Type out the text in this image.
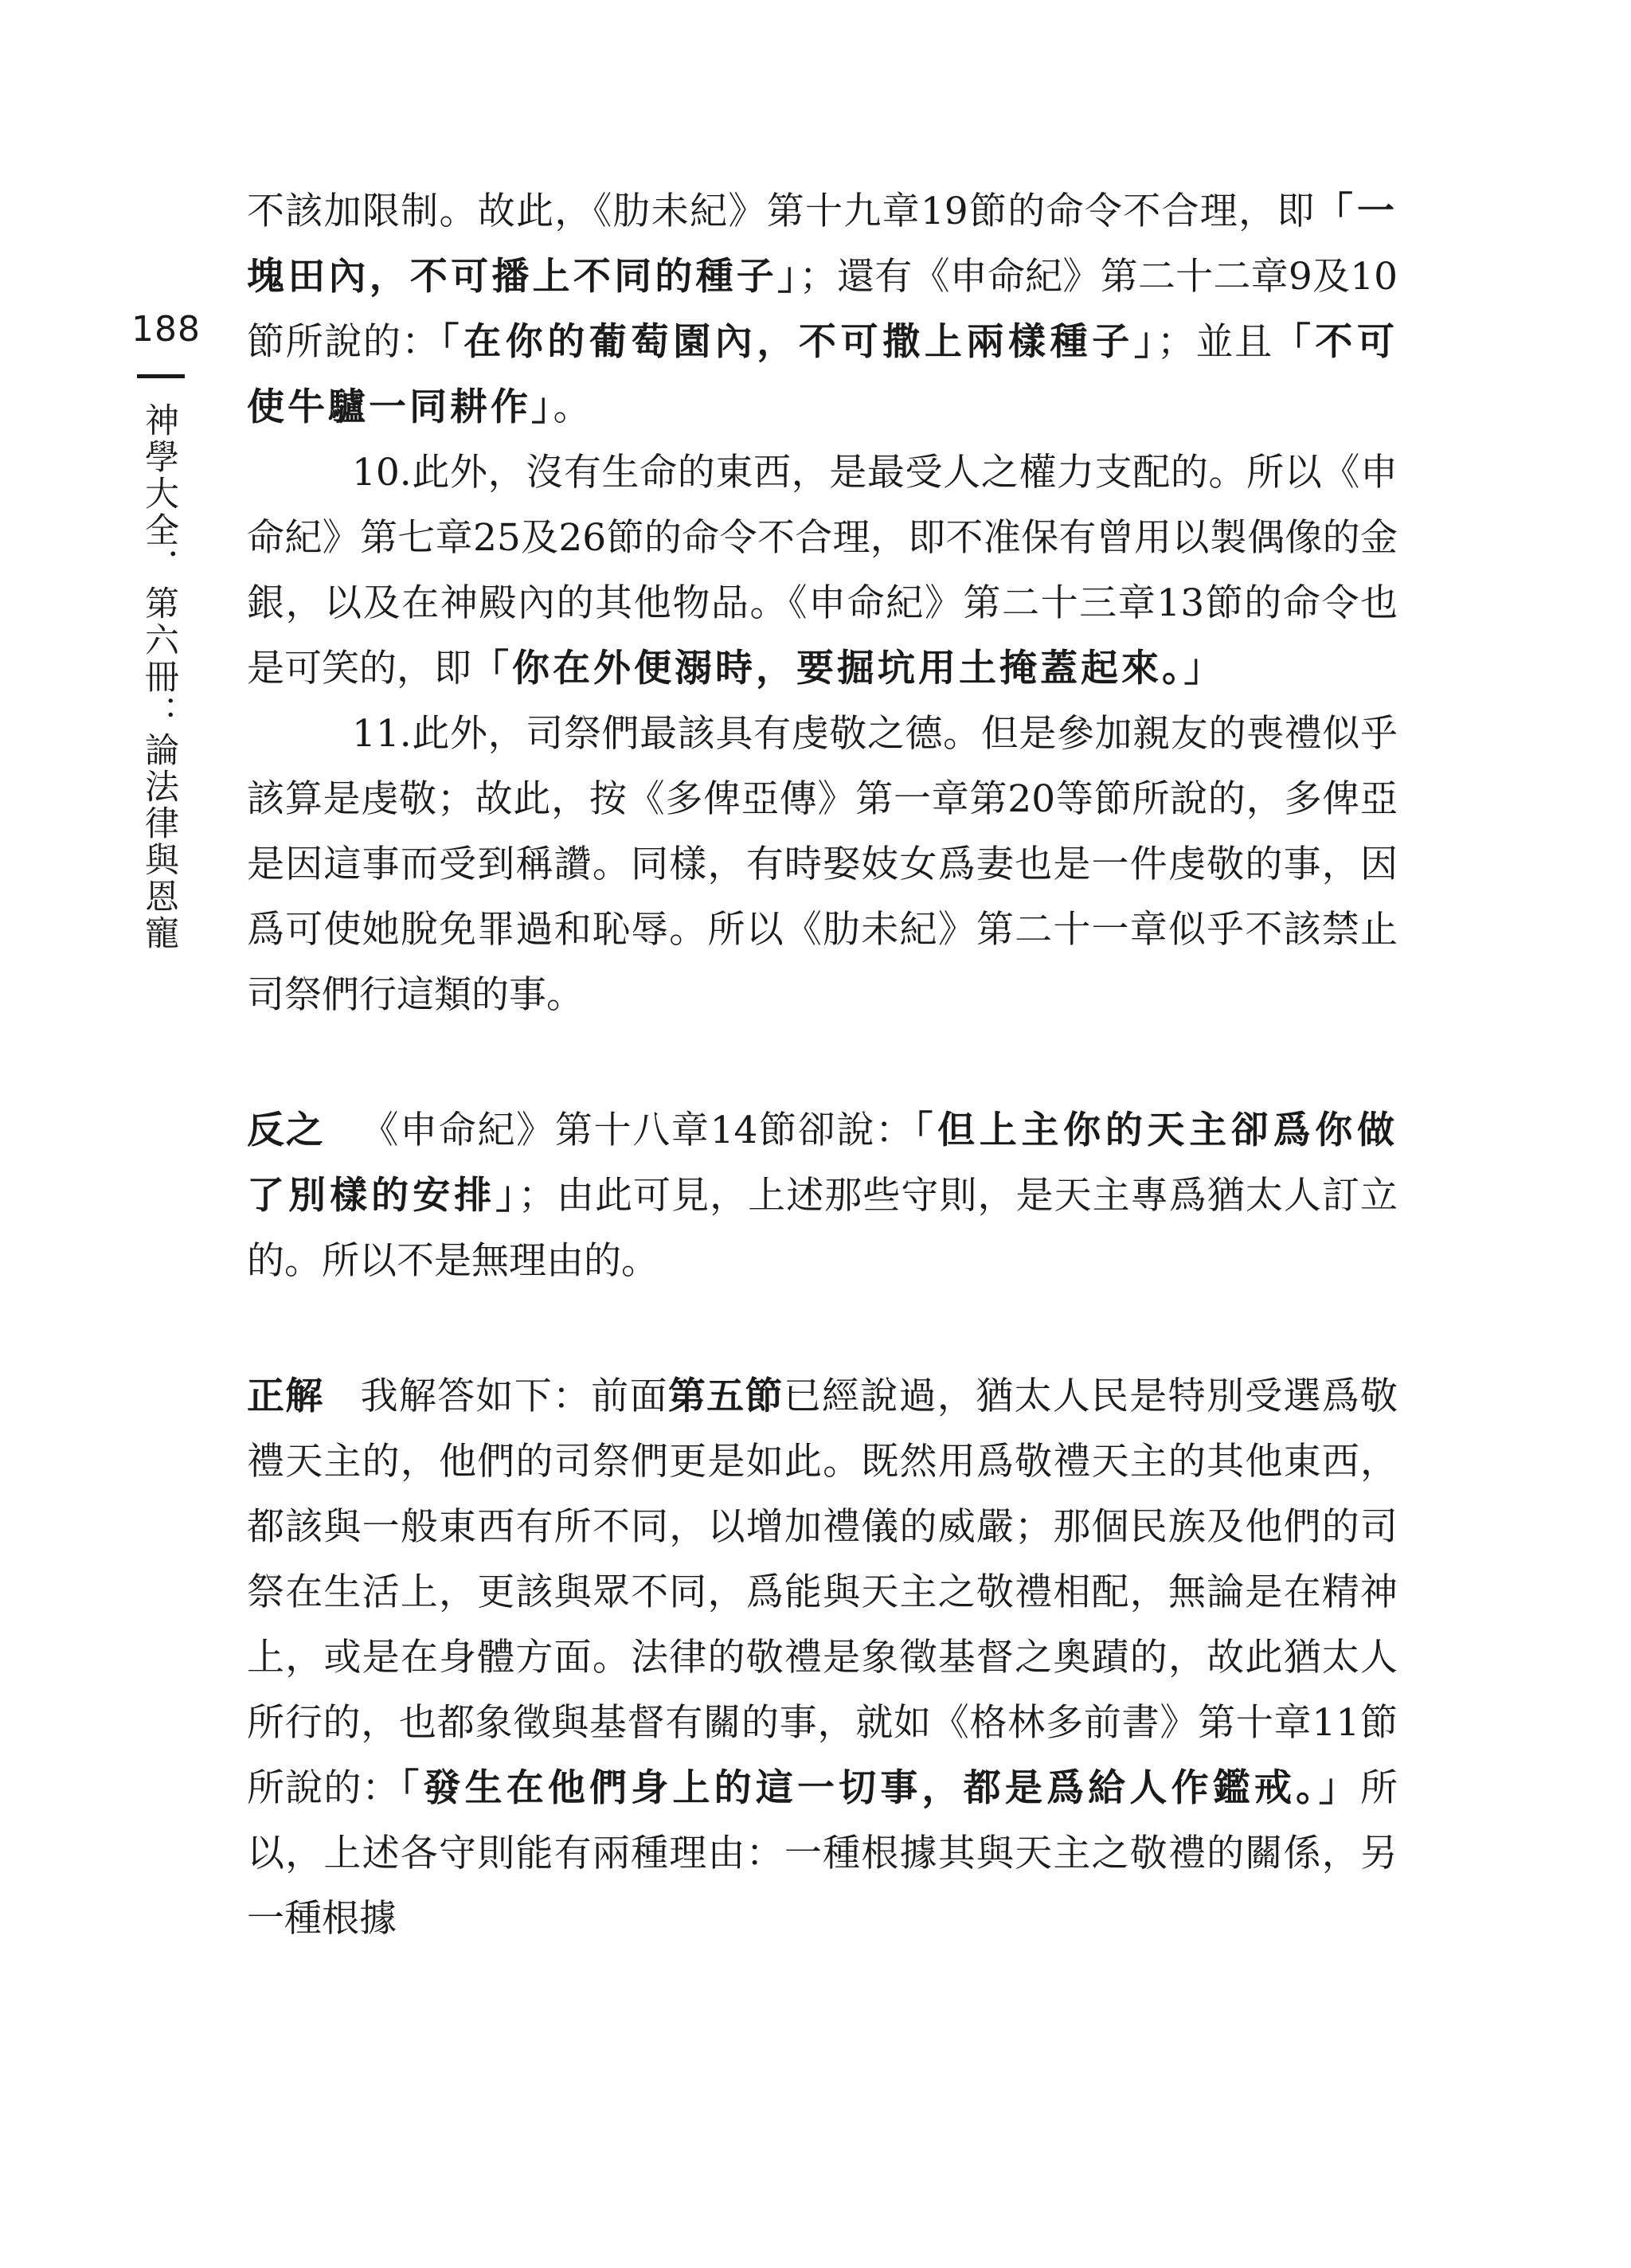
188
神學大全．第六冊：論法律與恩寵

不該加限制。故此，《肋未紀》第十九章19節的命令不合理，即「一塊田內，不可播上不同的種子」；還有《申命紀》第二十二章9及10節所說的：「在你的葡萄園內，不可撒上兩樣種子」；並且「不可使牛驢一同耕作」。

10.此外，沒有生命的東西，是最受人之權力支配的。所以《申命紀》第七章25及26節的命令不合理，即不准保有曾用以製偶像的金銀，以及在神殿內的其他物品。《申命紀》第二十三章13節的命令也是可笑的，即「你在外便溺時，要掘坑用土掩蓋起來。」

11.此外，司祭們最該具有虔敬之德。但是參加親友的喪禮似乎該算是虔敬；故此，按《多俾亞傳》第一章第20等節所說的，多俾亞是因這事而受到稱讚。同樣，有時娶妓女爲妻也是一件虔敬的事，因爲可使她脫免罪過和恥辱。所以《肋未紀》第二十一章似乎不該禁止司祭們行這類的事。

反之 《申命紀》第十八章14節卻說：「但上主你的天主卻爲你做了別樣的安排」；由此可見，上述那些守則，是天主專爲猶太人訂立的。所以不是無理由的。

正解 我解答如下：前面第五節已經說過，猶太人民是特別受選爲敬禮天主的，他們的司祭們更是如此。既然用爲敬禮天主的其他東西，都該與一般東西有所不同，以增加禮儀的威嚴；那個民族及他們的司祭在生活上，更該與眾不同，爲能與天主之敬禮相配，無論是在精神上，或是在身體方面。法律的敬禮是象徵基督之奧蹟的，故此猶太人所行的，也都象徵與基督有關的事，就如《格林多前書》第十章11節所說的：「發生在他們身上的這一切事，都是爲給人作鑑戒。」所以，上述各守則能有兩種理由：一種根據其與天主之敬禮的關係，另一種根據
